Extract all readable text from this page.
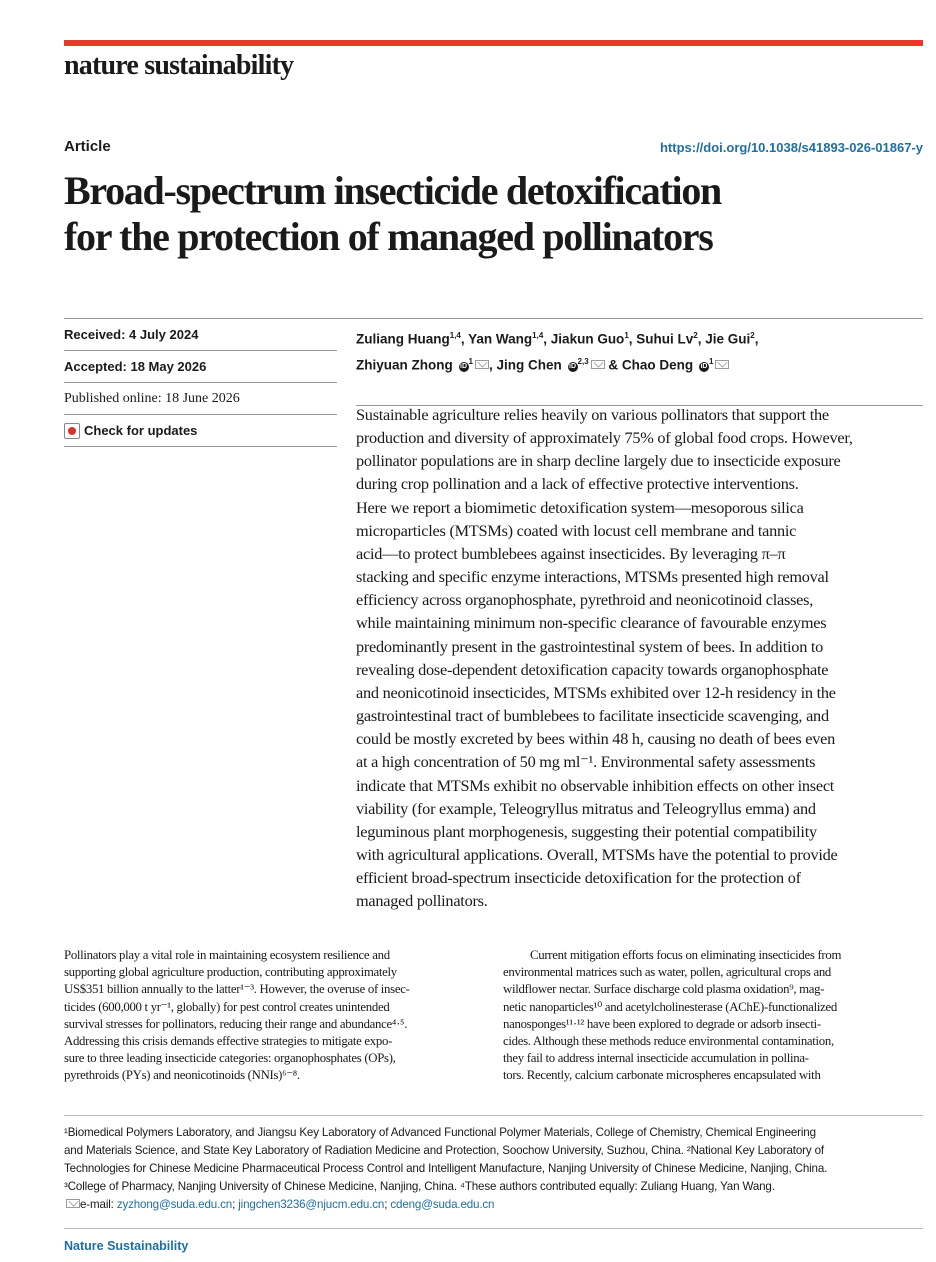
nature sustainability
Article	https://doi.org/10.1038/s41893-026-01867-y
Broad-spectrum insecticide detoxification
for the protection of managed pollinators
Received: 4 July 2024
Accepted: 18 May 2026
Published online: 18 June 2026
Check for updates
Zuliang Huang$^{1,4}$, Yan Wang$^{1,4}$, Jiakun Guo$^1$, Suhui Lv$^2$, Jie Gui$^2$,
Zhiyuan Zhong $iD^1$ , Jing Chen iD$^{2,3}$ & Chao Deng $iD^1$

Sustainable agriculture relies heavily on various pollinators that support the
production and diversity of approximately 75% of global food crops. However,
pollinator populations are in sharp decline largely due to insecticide exposure
during crop pollination and a lack of effective protective interventions.
Here we report a biomimetic detoxification system—mesoporous silica
microparticles (MTSMs) coated with locust cell membrane and tannic
acid—to protect bumblebees against insecticides. By leveraging π–π
stacking and specific enzyme interactions, MTSMs presented high removal
efficiency across organophosphate, pyrethroid and neonicotinoid classes,
while maintaining minimum non-specific clearance of favourable enzymes
predominantly present in the gastrointestinal system of bees. In addition to
revealing dose-dependent detoxification capacity towards organophosphate
and neonicotinoid insecticides, MTSMs exhibited over 12-h residency in the
gastrointestinal tract of bumblebees to facilitate insecticide scavenging, and
could be mostly excreted by bees within 48 h, causing no death of bees even
at a high concentration of 50 mg ml⁻¹. Environmental safety assessments
indicate that MTSMs exhibit no observable inhibition effects on other insect
viability (for example, Teleogryllus mitratus and Teleogryllus emma) and
leguminous plant morphogenesis, suggesting their potential compatibility
with agricultural applications. Overall, MTSMs have the potential to provide
efficient broad-spectrum insecticide detoxification for the protection of
managed pollinators.

Pollinators play a vital role in maintaining ecosystem resilience and
supporting global agriculture production, contributing approximately
US$351 billion annually to the latter¹⁻³. However, the overuse of insec-
ticides (600,000 t yr⁻¹, globally) for pest control creates unintended
survival stresses for pollinators, reducing their range and abundance⁴·⁵.
Addressing this crisis demands effective strategies to mitigate expo-
sure to three leading insecticide categories: organophosphates (OPs),
pyrethroids (PYs) and neonicotinoids (NNIs)⁶⁻⁸.
Current mitigation efforts focus on eliminating insecticides from
environmental matrices such as water, pollen, agricultural crops and
wildflower nectar. Surface discharge cold plasma oxidation⁹, mag-
netic nanoparticles¹⁰ and acetylcholinesterase (AChE)-functionalized
nanosponges¹¹·¹² have been explored to degrade or adsorb insecti-
cides. Although these methods reduce environmental contamination,
they fail to address internal insecticide accumulation in pollina-
tors. Recently, calcium carbonate microspheres encapsulated with
¹Biomedical Polymers Laboratory, and Jiangsu Key Laboratory of Advanced Functional Polymer Materials, College of Chemistry, Chemical Engineering
and Materials Science, and State Key Laboratory of Radiation Medicine and Protection, Soochow University, Suzhou, China. ²National Key Laboratory of
Technologies for Chinese Medicine Pharmaceutical Process Control and Intelligent Manufacture, Nanjing University of Chinese Medicine, Nanjing, China.
³College of Pharmacy, Nanjing University of Chinese Medicine, Nanjing, China. ⁴These authors contributed equally: Zuliang Huang, Yan Wang.
e-mail: zyzhong@suda.edu.cn; jingchen3236@njucm.edu.cn; cdeng@suda.edu.cn
Nature Sustainability
